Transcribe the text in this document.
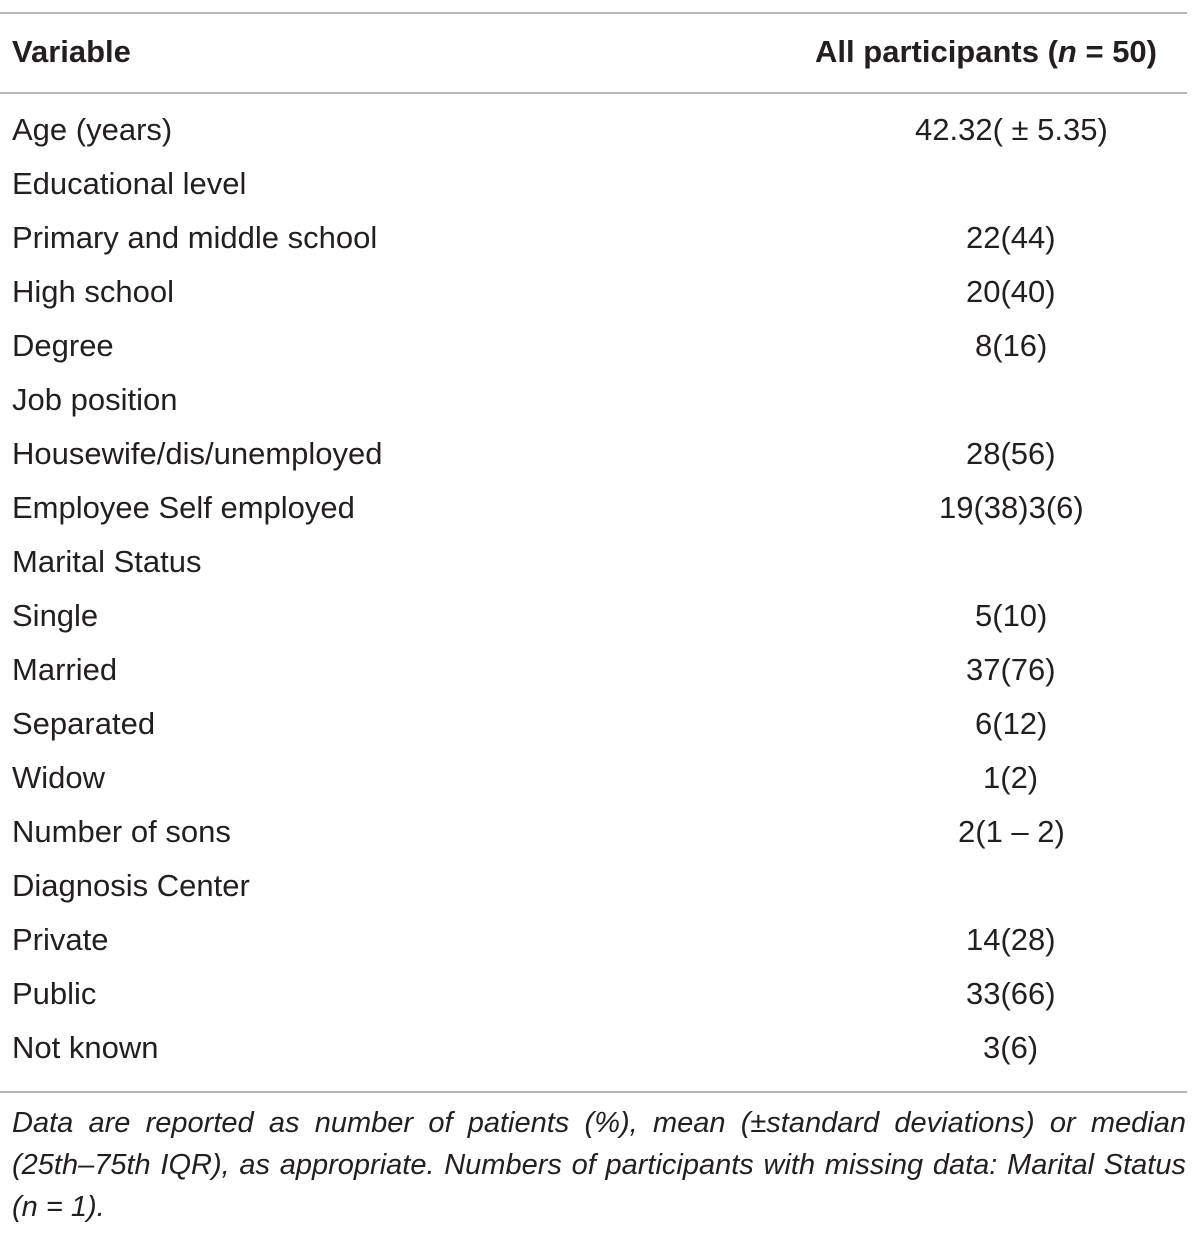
Variable	All participants (n = 50)
Age (years)	42.32( ± 5.35)
Educational level
Primary and middle school	22(44)
High school	20(40)
Degree	8(16)
Job position
Housewife/dis/unemployed	28(56)
Employee Self employed	19(38)3(6)
Marital Status
Single	5(10)
Married	37(76)
Separated	6(12)
Widow	1(2)
Number of sons	2(1 – 2)
Diagnosis Center
Private	14(28)
Public	33(66)
Not known	3(6)
Data are reported as number of patients (%), mean (±standard deviations) or median (25th–75th IQR), as appropriate. Numbers of participants with missing data: Marital Status (n = 1).
